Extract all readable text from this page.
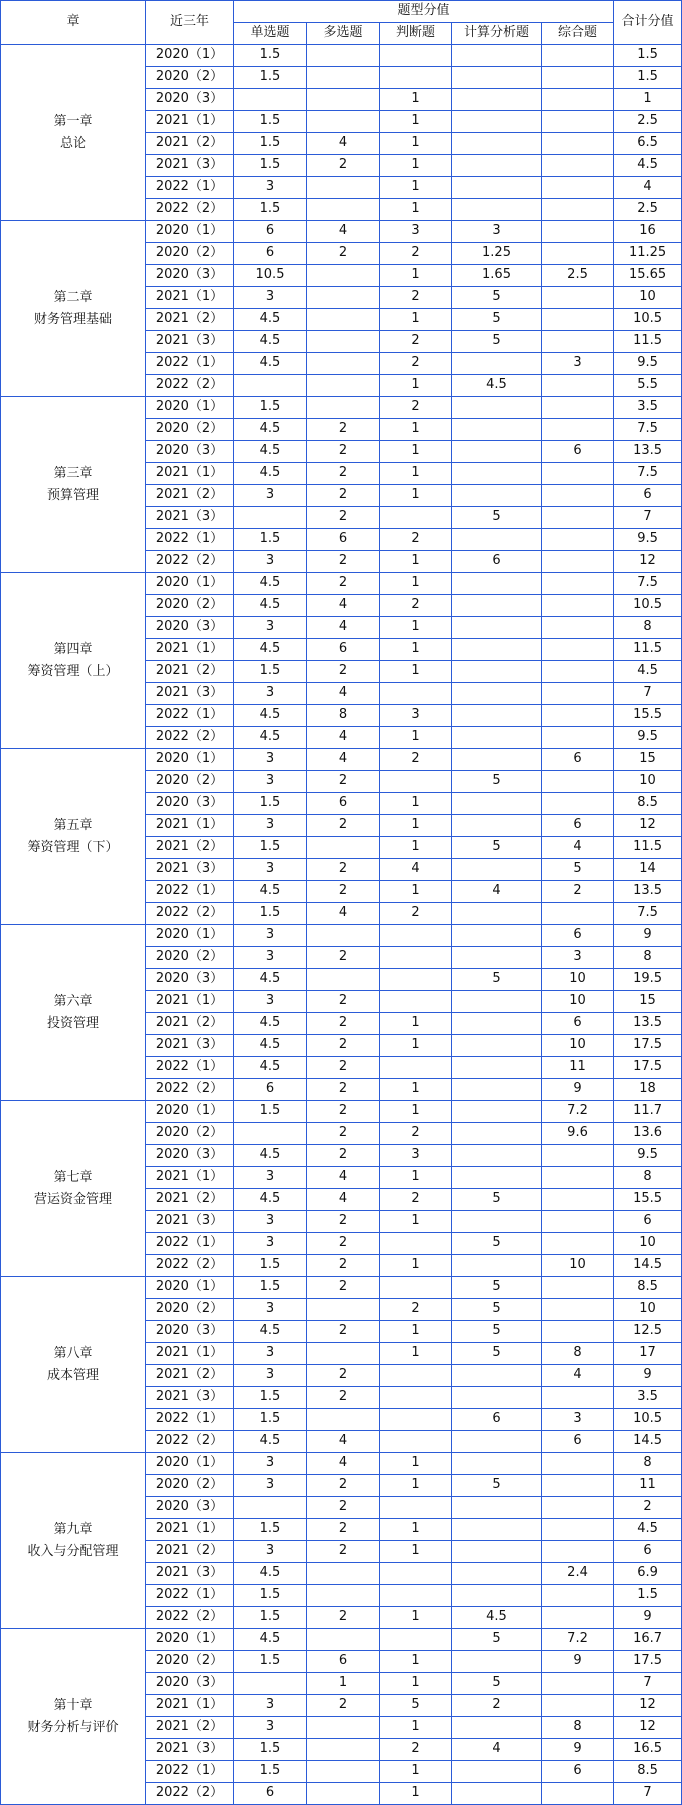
章	近三年	题型分值					合计分值
		单选题	多选题	判断题	计算分析题	综合题	

第一章
总论	2020（1）	1.5					1.5
	2020（2）	1.5					1.5
	2020（3）			1			1
	2021（1）	1.5		1			2.5
	2021（2）	1.5	4	1			6.5
	2021（3）	1.5	2	1			4.5
	2022（1）	3		1			4
	2022（2）	1.5		1			2.5

第二章
财务管理基础	2020（1）	6	4	3	3		16
	2020（2）	6	2	2	1.25		11.25
	2020（3）	10.5		1	1.65	2.5	15.65
	2021（1）	3		2	5		10
	2021（2）	4.5		1	5		10.5
	2021（3）	4.5		2	5		11.5
	2022（1）	4.5		2		3	9.5
	2022（2）			1	4.5		5.5

第三章
预算管理	2020（1）	1.5		2			3.5
	2020（2）	4.5	2	1			7.5
	2020（3）	4.5	2	1		6	13.5
	2021（1）	4.5	2	1			7.5
	2021（2）	3	2	1			6
	2021（3）		2		5		7
	2022（1）	1.5	6	2			9.5
	2022（2）	3	2	1	6		12

第四章
筹资管理（上）	2020（1）	4.5	2	1			7.5
	2020（2）	4.5	4	2			10.5
	2020（3）	3	4	1			8
	2021（1）	4.5	6	1			11.5
	2021（2）	1.5	2	1			4.5
	2021（3）	3	4				7
	2022（1）	4.5	8	3			15.5
	2022（2）	4.5	4	1			9.5

第五章
筹资管理（下）	2020（1）	3	4	2		6	15
	2020（2）	3	2		5		10
	2020（3）	1.5	6	1			8.5
	2021（1）	3	2	1		6	12
	2021（2）	1.5		1	5	4	11.5
	2021（3）	3	2	4		5	14
	2022（1）	4.5	2	1	4	2	13.5
	2022（2）	1.5	4	2			7.5

第六章
投资管理	2020（1）	3				6	9
	2020（2）	3	2			3	8
	2020（3）	4.5			5	10	19.5
	2021（1）	3	2			10	15
	2021（2）	4.5	2	1		6	13.5
	2021（3）	4.5	2	1		10	17.5
	2022（1）	4.5	2			11	17.5
	2022（2）	6	2	1		9	18

第七章
营运资金管理	2020（1）	1.5	2	1		7.2	11.7
	2020（2）		2	2		9.6	13.6
	2020（3）	4.5	2	3			9.5
	2021（1）	3	4	1			8
	2021（2）	4.5	4	2	5		15.5
	2021（3）	3	2	1			6
	2022（1）	3	2		5		10
	2022（2）	1.5	2	1		10	14.5

第八章
成本管理	2020（1）	1.5	2		5		8.5
	2020（2）	3		2	5		10
	2020（3）	4.5	2	1	5		12.5
	2021（1）	3		1	5	8	17
	2021（2）	3	2			4	9
	2021（3）	1.5	2				3.5
	2022（1）	1.5			6	3	10.5
	2022（2）	4.5	4			6	14.5

第九章
收入与分配管理	2020（1）	3	4	1			8
	2020（2）	3	2	1	5		11
	2020（3）		2				2
	2021（1）	1.5	2	1			4.5
	2021（2）	3	2	1			6
	2021（3）	4.5				2.4	6.9
	2022（1）	1.5					1.5
	2022（2）	1.5	2	1	4.5		9

第十章
财务分析与评价	2020（1）	4.5			5	7.2	16.7
	2020（2）	1.5	6	1		9	17.5
	2020（3）		1	1	5		7
	2021（1）	3	2	5	2		12
	2021（2）	3		1		8	12
	2021（3）	1.5		2	4	9	16.5
	2022（1）	1.5		1		6	8.5
	2022（2）	6		1			7
